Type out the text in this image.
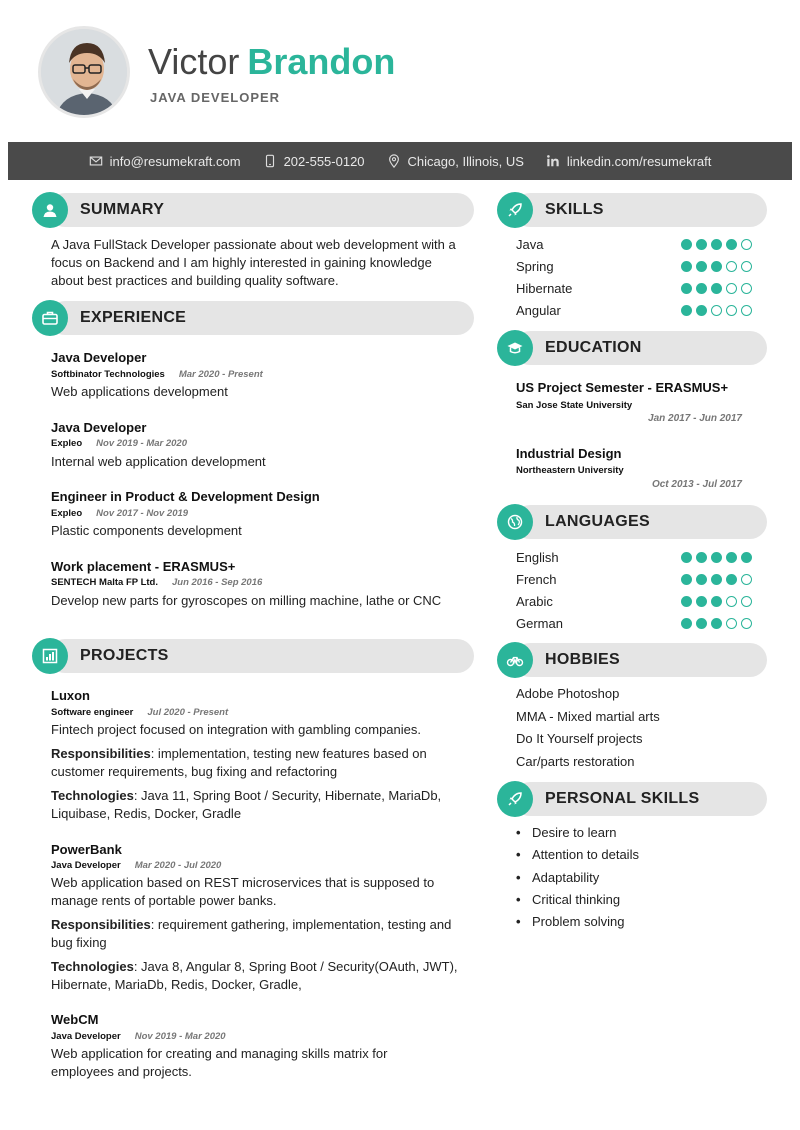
Victor Brandon
JAVA DEVELOPER
info@resumekraft.com	202-555-0120	Chicago, Illinois, US	linkedin.com/resumekraft
SUMMARY
A Java FullStack Developer passionate about web development with a focus on Backend and I am highly interested in gaining knowledge about best practices and building quality software.
EXPERIENCE
Java Developer
Softbinator Technologies Mar 2020 - Present
Web applications development
Java Developer
Expleo Nov 2019 - Mar 2020
Internal web application development
Engineer in Product & Development Design
Expleo Nov 2017 - Nov 2019
Plastic components development
Work placement - ERASMUS+
SENTECH Malta FP Ltd. Jun 2016 - Sep 2016
Develop new parts for gyroscopes on milling machine, lathe or CNC
PROJECTS
Luxon
Software engineer Jul 2020 - Present
Fintech project focused on integration with gambling companies.
Responsibilities: implementation, testing new features based on customer requirements, bug fixing and refactoring
Technologies: Java 11, Spring Boot / Security, Hibernate, MariaDb, Liquibase, Redis, Docker, Gradle
PowerBank
Java Developer Mar 2020 - Jul 2020
Web application based on REST microservices that is supposed to manage rents of portable power banks.
Responsibilities: requirement gathering, implementation, testing and bug fixing
Technologies: Java 8, Angular 8, Spring Boot / Security(OAuth, JWT), Hibernate, MariaDb, Redis, Docker, Gradle,
WebCM
Java Developer Nov 2019 - Mar 2020
Web application for creating and managing skills matrix for employees and projects.
SKILLS
Java
Spring
Hibernate
Angular
EDUCATION
US Project Semester - ERASMUS+
San Jose State University
Jan 2017 - Jun 2017
Industrial Design
Northeastern University
Oct 2013 - Jul 2017
LANGUAGES
English
French
Arabic
German
HOBBIES
Adobe Photoshop
MMA - Mixed martial arts
Do It Yourself projects
Car/parts restoration
PERSONAL SKILLS
• Desire to learn
• Attention to details
• Adaptability
• Critical thinking
• Problem solving
